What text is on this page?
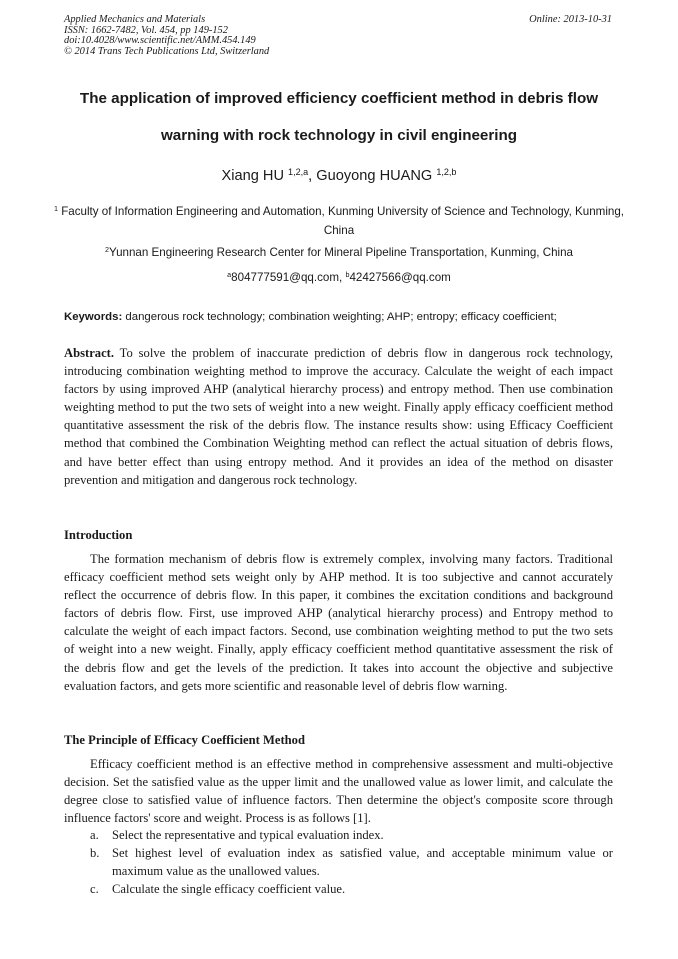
Applied Mechanics and Materials
ISSN: 1662-7482, Vol. 454, pp 149-152
doi:10.4028/www.scientific.net/AMM.454.149
© 2014 Trans Tech Publications Ltd, Switzerland
Online: 2013-10-31
The application of improved efficiency coefficient method in debris flow
warning with rock technology in civil engineering
Xiang HU $^{1,2,a}$, Guoyong HUANG $^{1,2,b}$
$^1$ Faculty of Information Engineering and Automation, Kunming University of Science and Technology, Kunming, China
$^2$Yunnan Engineering Research Center for Mineral Pipeline Transportation, Kunming, China
$^a$804777591@qq.com, $^b$42427566@qq.com
Keywords: dangerous rock technology; combination weighting; AHP; entropy; efficacy coefficient;
Abstract. To solve the problem of inaccurate prediction of debris flow in dangerous rock technology, introducing combination weighting method to improve the accuracy. Calculate the weight of each impact factors by using improved AHP (analytical hierarchy process) and entropy method. Then use combination weighting method to put the two sets of weight into a new weight. Finally apply efficacy coefficient method quantitative assessment the risk of the debris flow. The instance results show: using Efficacy Coefficient method that combined the Combination Weighting method can reflect the actual situation of debris flows, and have better effect than using entropy method. And it provides an idea of the method on disaster prevention and mitigation and dangerous rock technology.
Introduction
The formation mechanism of debris flow is extremely complex, involving many factors. Traditional efficacy coefficient method sets weight only by AHP method. It is too subjective and cannot accurately reflect the occurrence of debris flow. In this paper, it combines the excitation conditions and background factors of debris flow. First, use improved AHP (analytical hierarchy process) and Entropy method to calculate the weight of each impact factors. Second, use combination weighting method to put the two sets of weight into a new weight. Finally, apply efficacy coefficient method quantitative assessment the risk of the debris flow and get the levels of the prediction. It takes into account the objective and subjective evaluation factors, and gets more scientific and reasonable level of debris flow warning.
The Principle of Efficacy Coefficient Method
Efficacy coefficient method is an effective method in comprehensive assessment and multi-objective decision. Set the satisfied value as the upper limit and the unallowed value as lower limit, and calculate the degree close to satisfied value of influence factors. Then determine the object's composite score through influence factors' score and weight. Process is as follows [1].
a. Select the representative and typical evaluation index.
b. Set highest level of evaluation index as satisfied value, and acceptable minimum value or maximum value as the unallowed values.
c. Calculate the single efficacy coefficient value.
